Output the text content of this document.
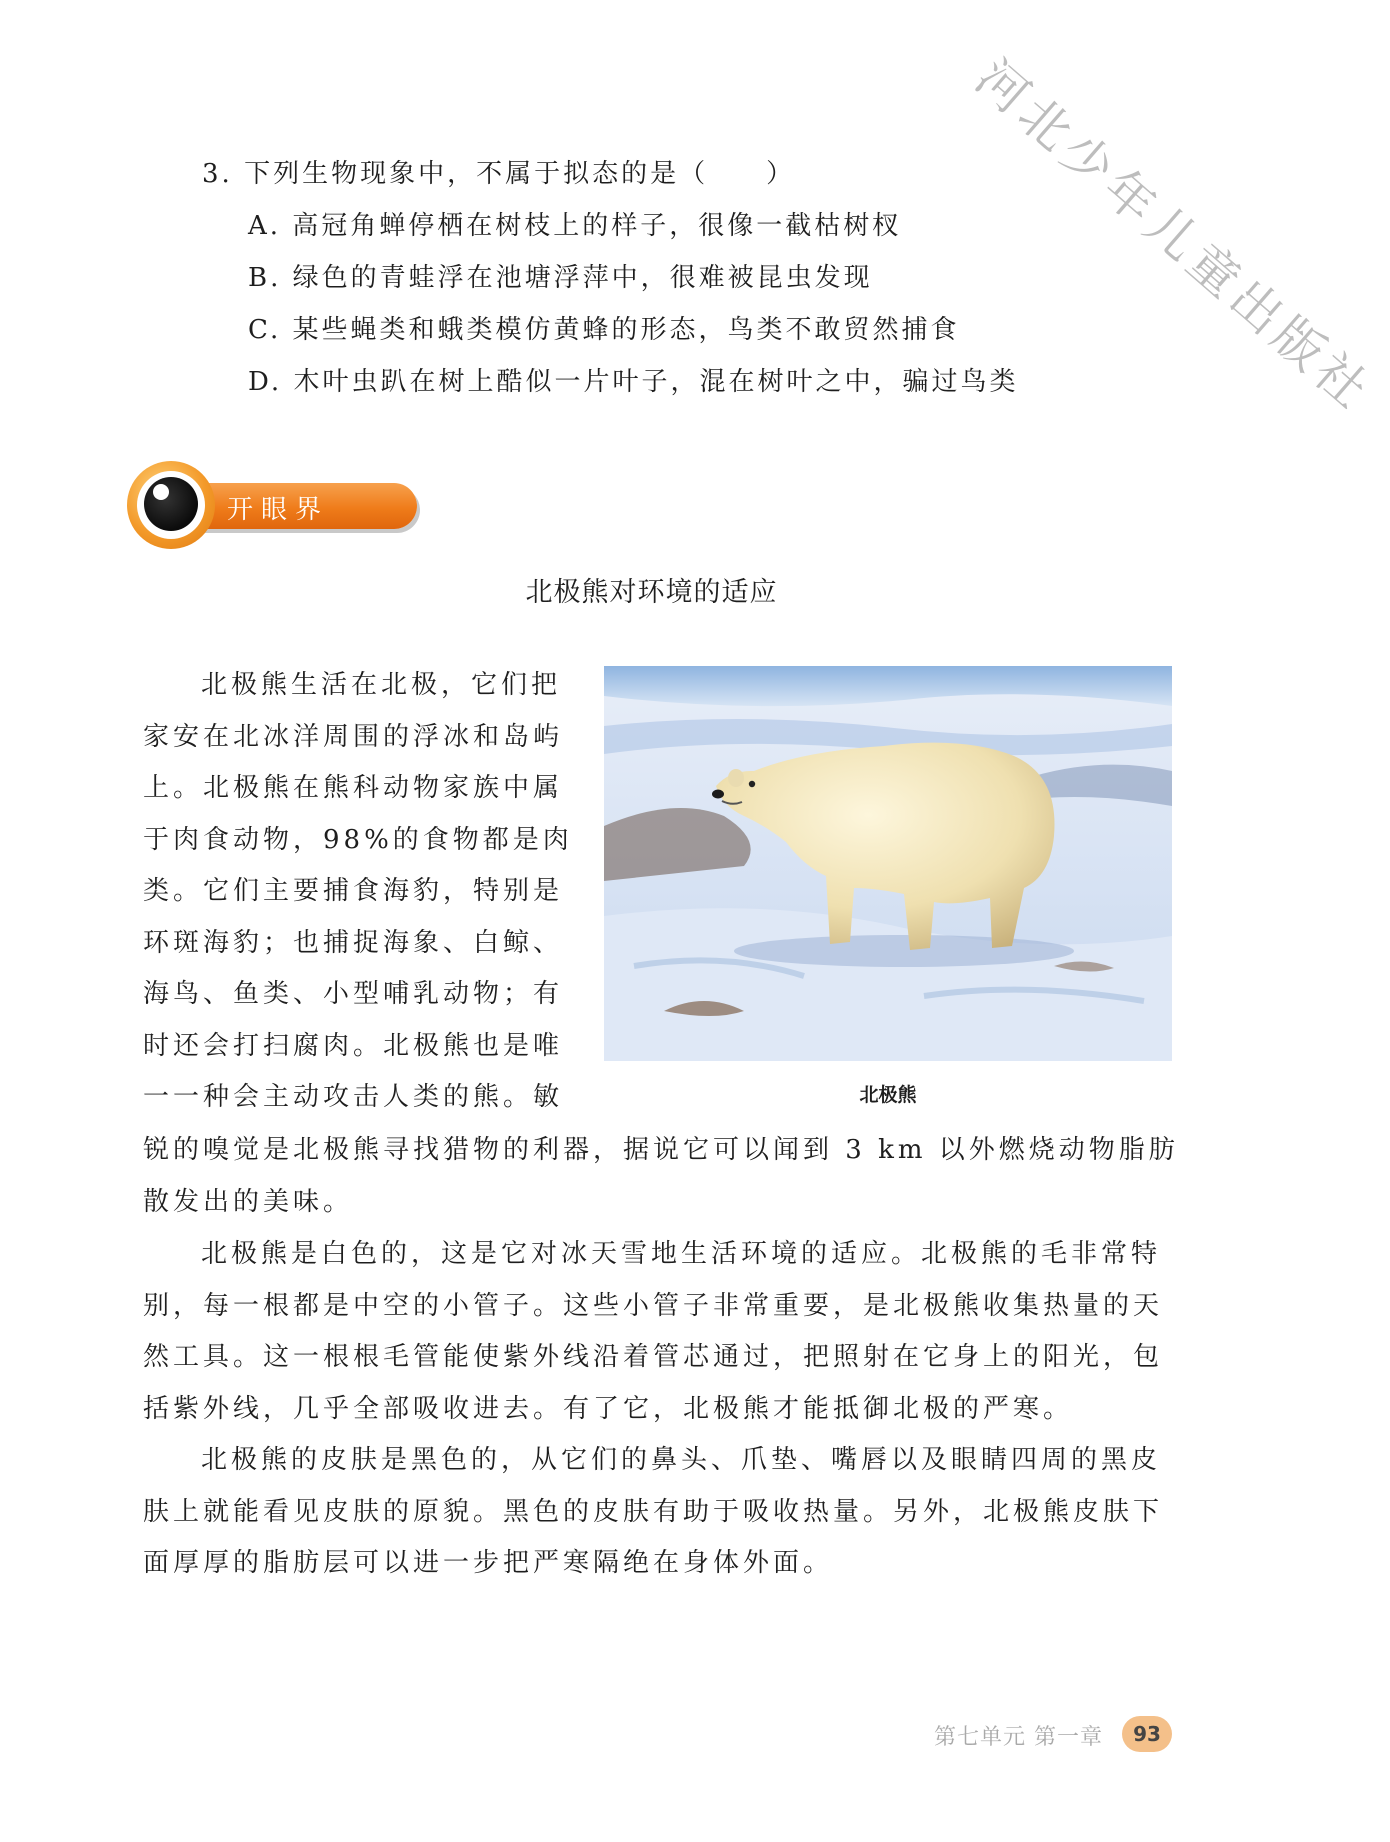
河北少年儿童出版社
3. 下列生物现象中，不属于拟态的是（　　）
A. 高冠角蝉停栖在树枝上的样子，很像一截枯树杈
B. 绿色的青蛙浮在池塘浮萍中，很难被昆虫发现
C. 某些蝇类和蛾类模仿黄蜂的形态，鸟类不敢贸然捕食
D. 木叶虫趴在树上酷似一片叶子，混在树叶之中，骗过鸟类
开眼界
北极熊对环境的适应
北极熊生活在北极，它们把
家安在北冰洋周围的浮冰和岛屿
上。北极熊在熊科动物家族中属
于肉食动物，98%的食物都是肉
类。它们主要捕食海豹，特别是
环斑海豹；也捕捉海象、白鲸、
海鸟、鱼类、小型哺乳动物；有
时还会打扫腐肉。北极熊也是唯
一一种会主动攻击人类的熊。敏	北极熊
锐的嗅觉是北极熊寻找猎物的利器，据说它可以闻到 3 km 以外燃烧动物脂肪
散发出的美味。
北极熊是白色的，这是它对冰天雪地生活环境的适应。北极熊的毛非常特
别，每一根都是中空的小管子。这些小管子非常重要，是北极熊收集热量的天
然工具。这一根根毛管能使紫外线沿着管芯通过，把照射在它身上的阳光，包
括紫外线，几乎全部吸收进去。有了它，北极熊才能抵御北极的严寒。
北极熊的皮肤是黑色的，从它们的鼻头、爪垫、嘴唇以及眼睛四周的黑皮
肤上就能看见皮肤的原貌。黑色的皮肤有助于吸收热量。另外，北极熊皮肤下
面厚厚的脂肪层可以进一步把严寒隔绝在身体外面。
第七单元 第一章	93
